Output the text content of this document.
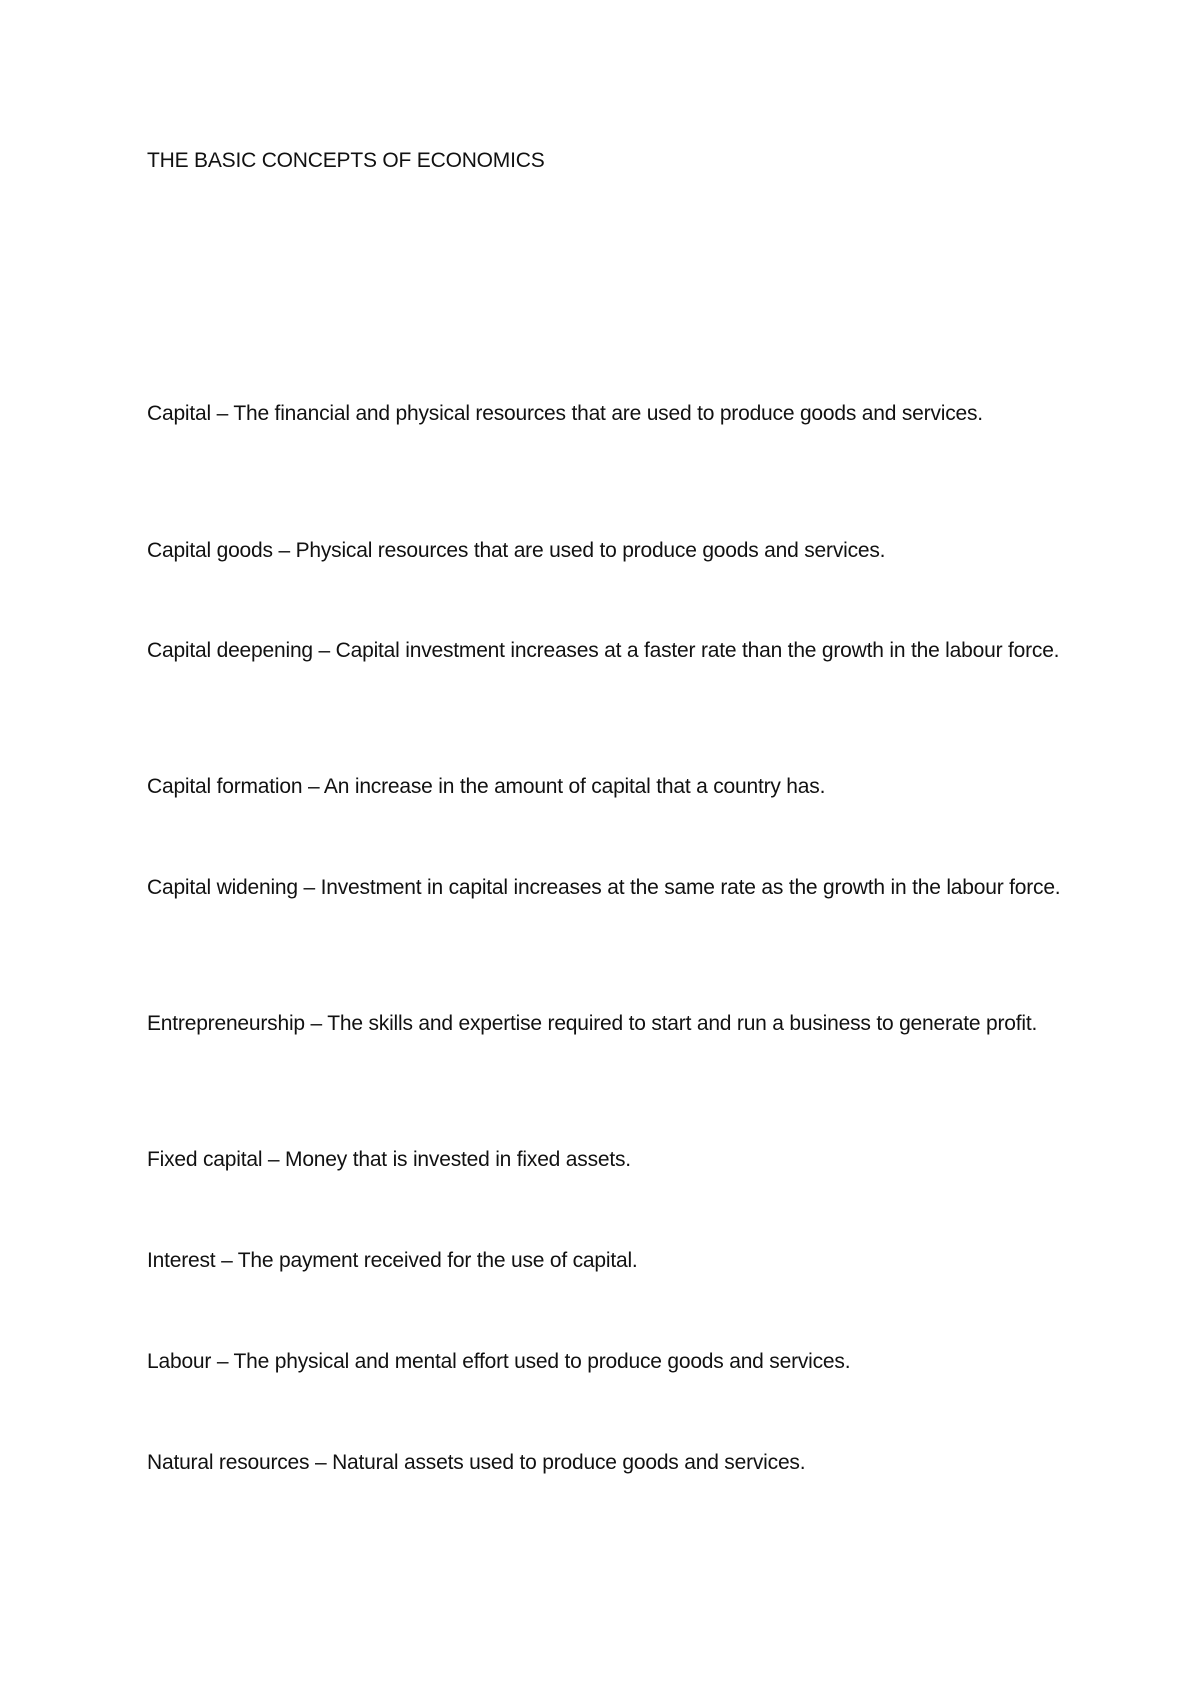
THE BASIC CONCEPTS OF ECONOMICS

Capital – The financial and physical resources that are used to produce goods and services.

Capital goods – Physical resources that are used to produce goods and services.

Capital deepening – Capital investment increases at a faster rate than the growth in the labour force.

Capital formation – An increase in the amount of capital that a country has.

Capital widening – Investment in capital increases at the same rate as the growth in the labour force.

Entrepreneurship – The skills and expertise required to start and run a business to generate profit.

Fixed capital – Money that is invested in fixed assets.

Interest – The payment received for the use of capital.

Labour – The physical and mental effort used to produce goods and services.

Natural resources – Natural assets used to produce goods and services.
